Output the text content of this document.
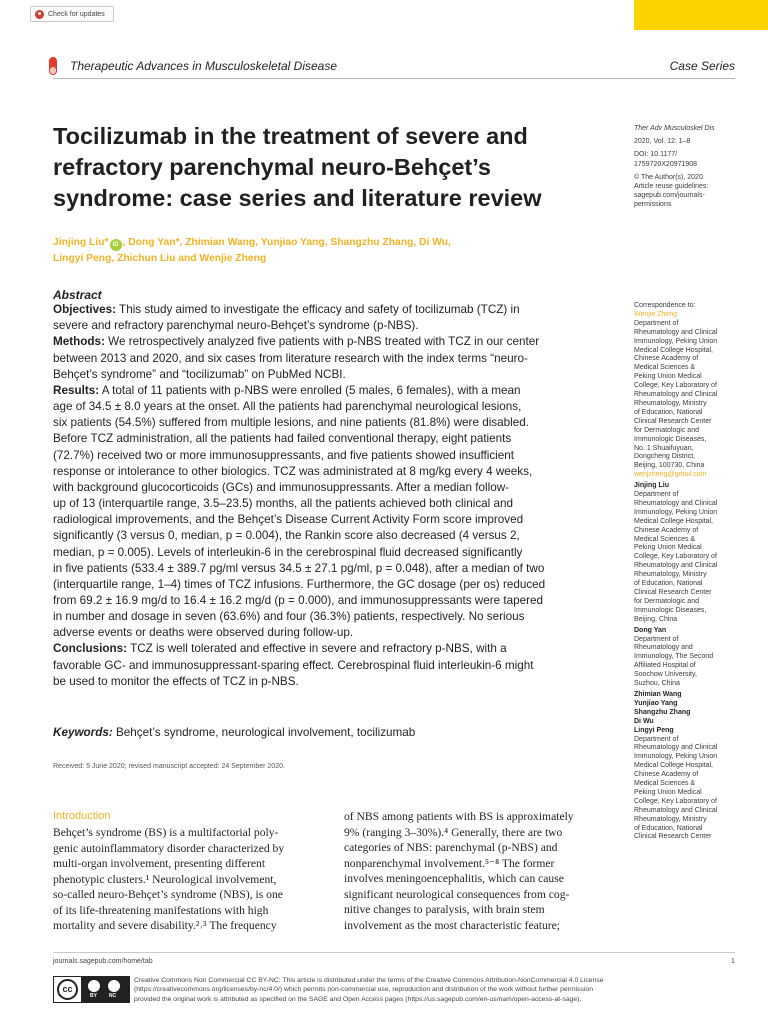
Check for updates
Therapeutic Advances in Musculoskeletal Disease	Case Series
Tocilizumab in the treatment of severe and refractory parenchymal neuro-Behçet’s syndrome: case series and literature review
Ther Adv Musculoskel Dis
2020, Vol. 12: 1–8
DOI: 10.1177/
1759720X20971908
© The Author(s), 2020.
Article reuse guidelines:
sagepub.com/journals-
permissions
Jinjing Liu* iD , Dong Yan*, Zhimian Wang, Yunjiao Yang, Shangzhu Zhang, Di Wu,
Lingyi Peng, Zhichun Liu and Wenjie Zheng
Abstract

Objectives: This study aimed to investigate the efficacy and safety of tocilizumab (TCZ) in

severe and refractory parenchymal neuro-Behçet’s syndrome (p-NBS).

Methods: We retrospectively analyzed five patients with p-NBS treated with TCZ in our center

between 2013 and 2020, and six cases from literature research with the index terms “neuro-

Behçet’s syndrome” and “tocilizumab” on PubMed NCBI.

Results: A total of 11 patients with p-NBS were enrolled (5 males, 6 females), with a mean

age of 34.5 ± 8.0 years at the onset. All the patients had parenchymal neurological lesions,

six patients (54.5%) suffered from multiple lesions, and nine patients (81.8%) were disabled.

Before TCZ administration, all the patients had failed conventional therapy, eight patients

(72.7%) received two or more immunosuppressants, and five patients showed insufficient

response or intolerance to other biologics. TCZ was administrated at 8 mg/kg every 4 weeks,

with background glucocorticoids (GCs) and immunosuppressants. After a median follow-

up of 13 (interquartile range, 3.5–23.5) months, all the patients achieved both clinical and

radiological improvements, and the Behçet’s Disease Current Activity Form score improved

significantly (3 versus 0, median, p = 0.004), the Rankin score also decreased (4 versus 2,

median, p = 0.005). Levels of interleukin-6 in the cerebrospinal fluid decreased significantly

in five patients (533.4 ± 389.7 pg/ml versus 34.5 ± 27.1 pg/ml, p = 0.048), after a median of two

(interquartile range, 1–4) times of TCZ infusions. Furthermore, the GC dosage (per os) reduced

from 69.2 ± 16.9 mg/d to 16.4 ± 16.2 mg/d (p = 0.000), and immunosuppressants were tapered

in number and dosage in seven (63.6%) and four (36.3%) patients, respectively. No serious

adverse events or deaths were observed during follow-up.

Conclusions: TCZ is well tolerated and effective in severe and refractory p-NBS, with a

favorable GC- and immunosuppressant-sparing effect. Cerebrospinal fluid interleukin-6 might

be used to monitor the effects of TCZ in p-NBS.

Keywords: Behçet’s syndrome, neurological involvement, tocilizumab
Received: 5 June 2020; revised manuscript accepted: 24 September 2020.
Introduction

Behçet’s syndrome (BS) is a multifactorial poly-

genic autoinflammatory disorder characterized by

multi-organ involvement, presenting different

phenotypic clusters.¹ Neurological involvement,

so-called neuro-Behçet’s syndrome (NBS), is one

of its life-threatening manifestations with high

mortality and severe disability.²˒³ The frequency

of NBS among patients with BS is approximately

9% (ranging 3–30%).⁴ Generally, there are two

categories of NBS: parenchymal (p-NBS) and

nonparenchymal involvement.⁵⁻⁸ The former

involves meningoencephalitis, which can cause

significant neurological consequences from cog-

nitive changes to paralysis, with brain stem

involvement as the most characteristic feature;

Correspondence to:
Wenjie Zheng
Department of
Rheumatology and Clinical
Immunology, Peking Union
Medical College Hospital,
Chinese Academy of
Medical Sciences &
Peking Union Medical
College, Key Laboratory of
Rheumatology and Clinical
Rheumatology, Ministry
of Education, National
Clinical Research Center
for Dermatologic and
Immunologic Diseases,
No. 1 Shuaifuyuan,
Dongcheng District,
Beijing, 100730, China
wenjzheng@gmail.com
Jinjing Liu
Department of
Rheumatology and Clinical
Immunology, Peking Union
Medical College Hospital,
Chinese Academy of
Medical Sciences &
Peking Union Medical
College, Key Laboratory of
Rheumatology and Clinical
Rheumatology, Ministry
of Education, National
Clinical Research Center
for Dermatologic and
Immunologic Diseases,
Beijing, China
Dong Yan
Department of
Rheumatology and
Immunology, The Second
Affiliated Hospital of
Soochow University,
Suzhou, China
Zhimian Wang
Yunjiao Yang
Shangzhu Zhang
Di Wu
Lingyi Peng
Department of
Rheumatology and Clinical
Immunology, Peking Union
Medical College Hospital,
Chinese Academy of
Medical Sciences &
Peking Union Medical
College, Key Laboratory of
Rheumatology and Clinical
Rheumatology, Ministry
of Education, National
Clinical Research Center
journals.sagepub.com/home/tab	1
cc
BY NC

Creative Commons Non Commercial CC BY-NC: This article is distributed under the terms of the Creative Commons Attribution-NonCommercial 4.0 License

(https://creativecommons.org/licenses/by-nc/4.0/) which permits non-commercial use, reproduction and distribution of the work without further permission

provided the original work is attributed as specified on the SAGE and Open Access pages (https://us.sagepub.com/en-us/nam/open-access-at-sage).
